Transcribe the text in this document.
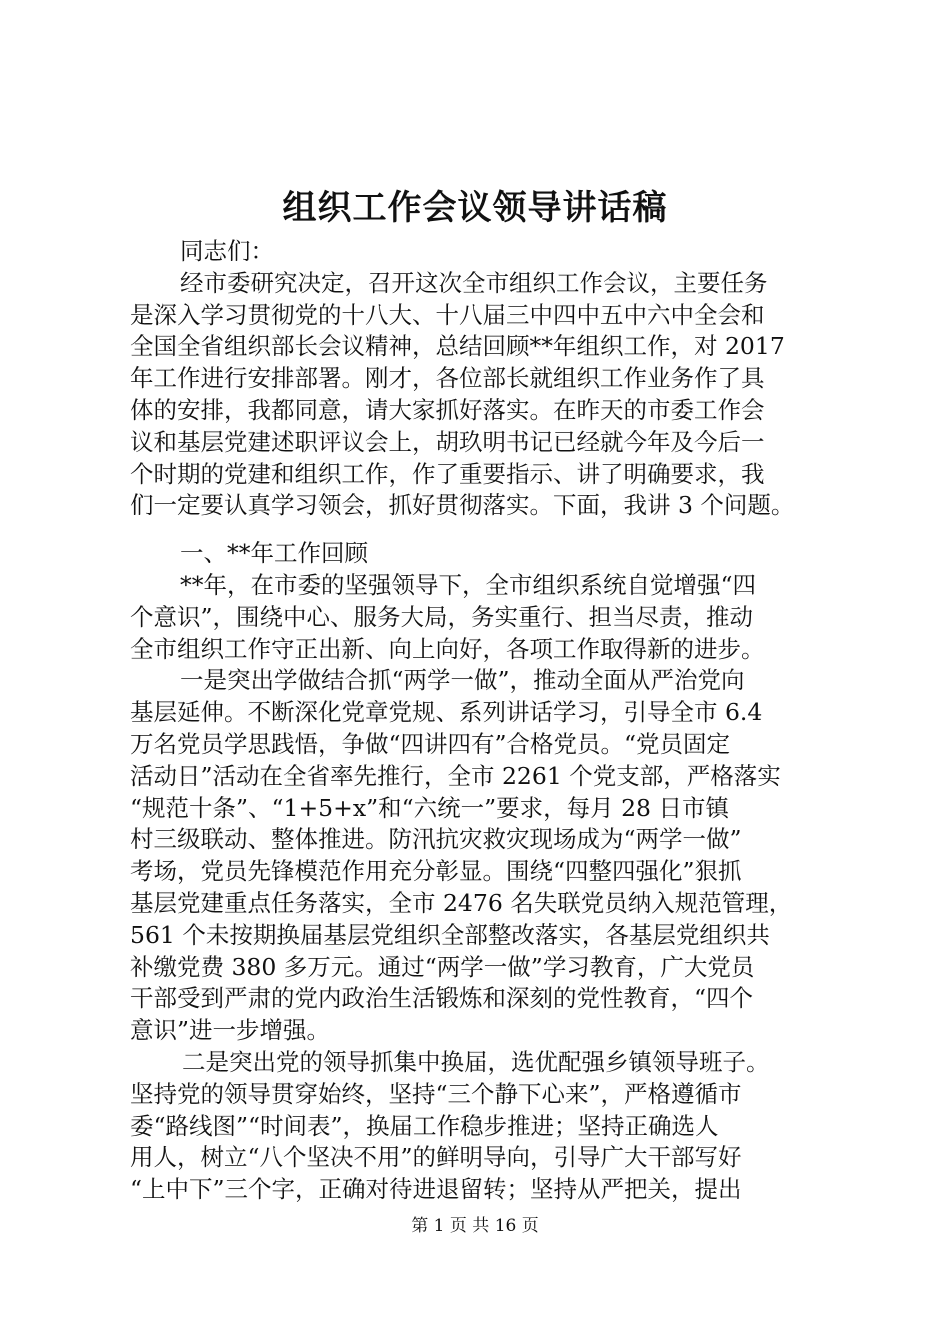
组织工作会议领导讲话稿
同志们：
经市委研究决定，召开这次全市组织工作会议，主要任务
是深入学习贯彻党的十八大、十八届三中四中五中六中全会和
全国全省组织部长会议精神，总结回顾**年组织工作，对 2017
年工作进行安排部署。刚才，各位部长就组织工作业务作了具
体的安排，我都同意，请大家抓好落实。在昨天的市委工作会
议和基层党建述职评议会上，胡玖明书记已经就今年及今后一
个时期的党建和组织工作，作了重要指示、讲了明确要求，我
们一定要认真学习领会，抓好贯彻落实。下面，我讲 3 个问题。
一、**年工作回顾
**年，在市委的坚强领导下，全市组织系统自觉增强“四
个意识”，围绕中心、服务大局，务实重行、担当尽责，推动
全市组织工作守正出新、向上向好，各项工作取得新的进步。
一是突出学做结合抓“两学一做”，推动全面从严治党向
基层延伸。不断深化党章党规、系列讲话学习，引导全市 6.4
万名党员学思践悟，争做“四讲四有”合格党员。“党员固定
活动日”活动在全省率先推行，全市 2261 个党支部，严格落实
“规范十条”、“1+5+x”和“六统一”要求，每月 28 日市镇
村三级联动、整体推进。防汛抗灾救灾现场成为“两学一做”
考场，党员先锋模范作用充分彰显。围绕“四整四强化”狠抓
基层党建重点任务落实，全市 2476 名失联党员纳入规范管理，
561 个未按期换届基层党组织全部整改落实，各基层党组织共
补缴党费 380 多万元。通过“两学一做”学习教育，广大党员
干部受到严肃的党内政治生活锻炼和深刻的党性教育，“四个
意识”进一步增强。
二是突出党的领导抓集中换届，选优配强乡镇领导班子。
坚持党的领导贯穿始终，坚持“三个静下心来”，严格遵循市
委“路线图”“时间表”，换届工作稳步推进；坚持正确选人
用人，树立“八个坚决不用”的鲜明导向，引导广大干部写好
“上中下”三个字，正确对待进退留转；坚持从严把关，提出
第 1 页 共 16 页
